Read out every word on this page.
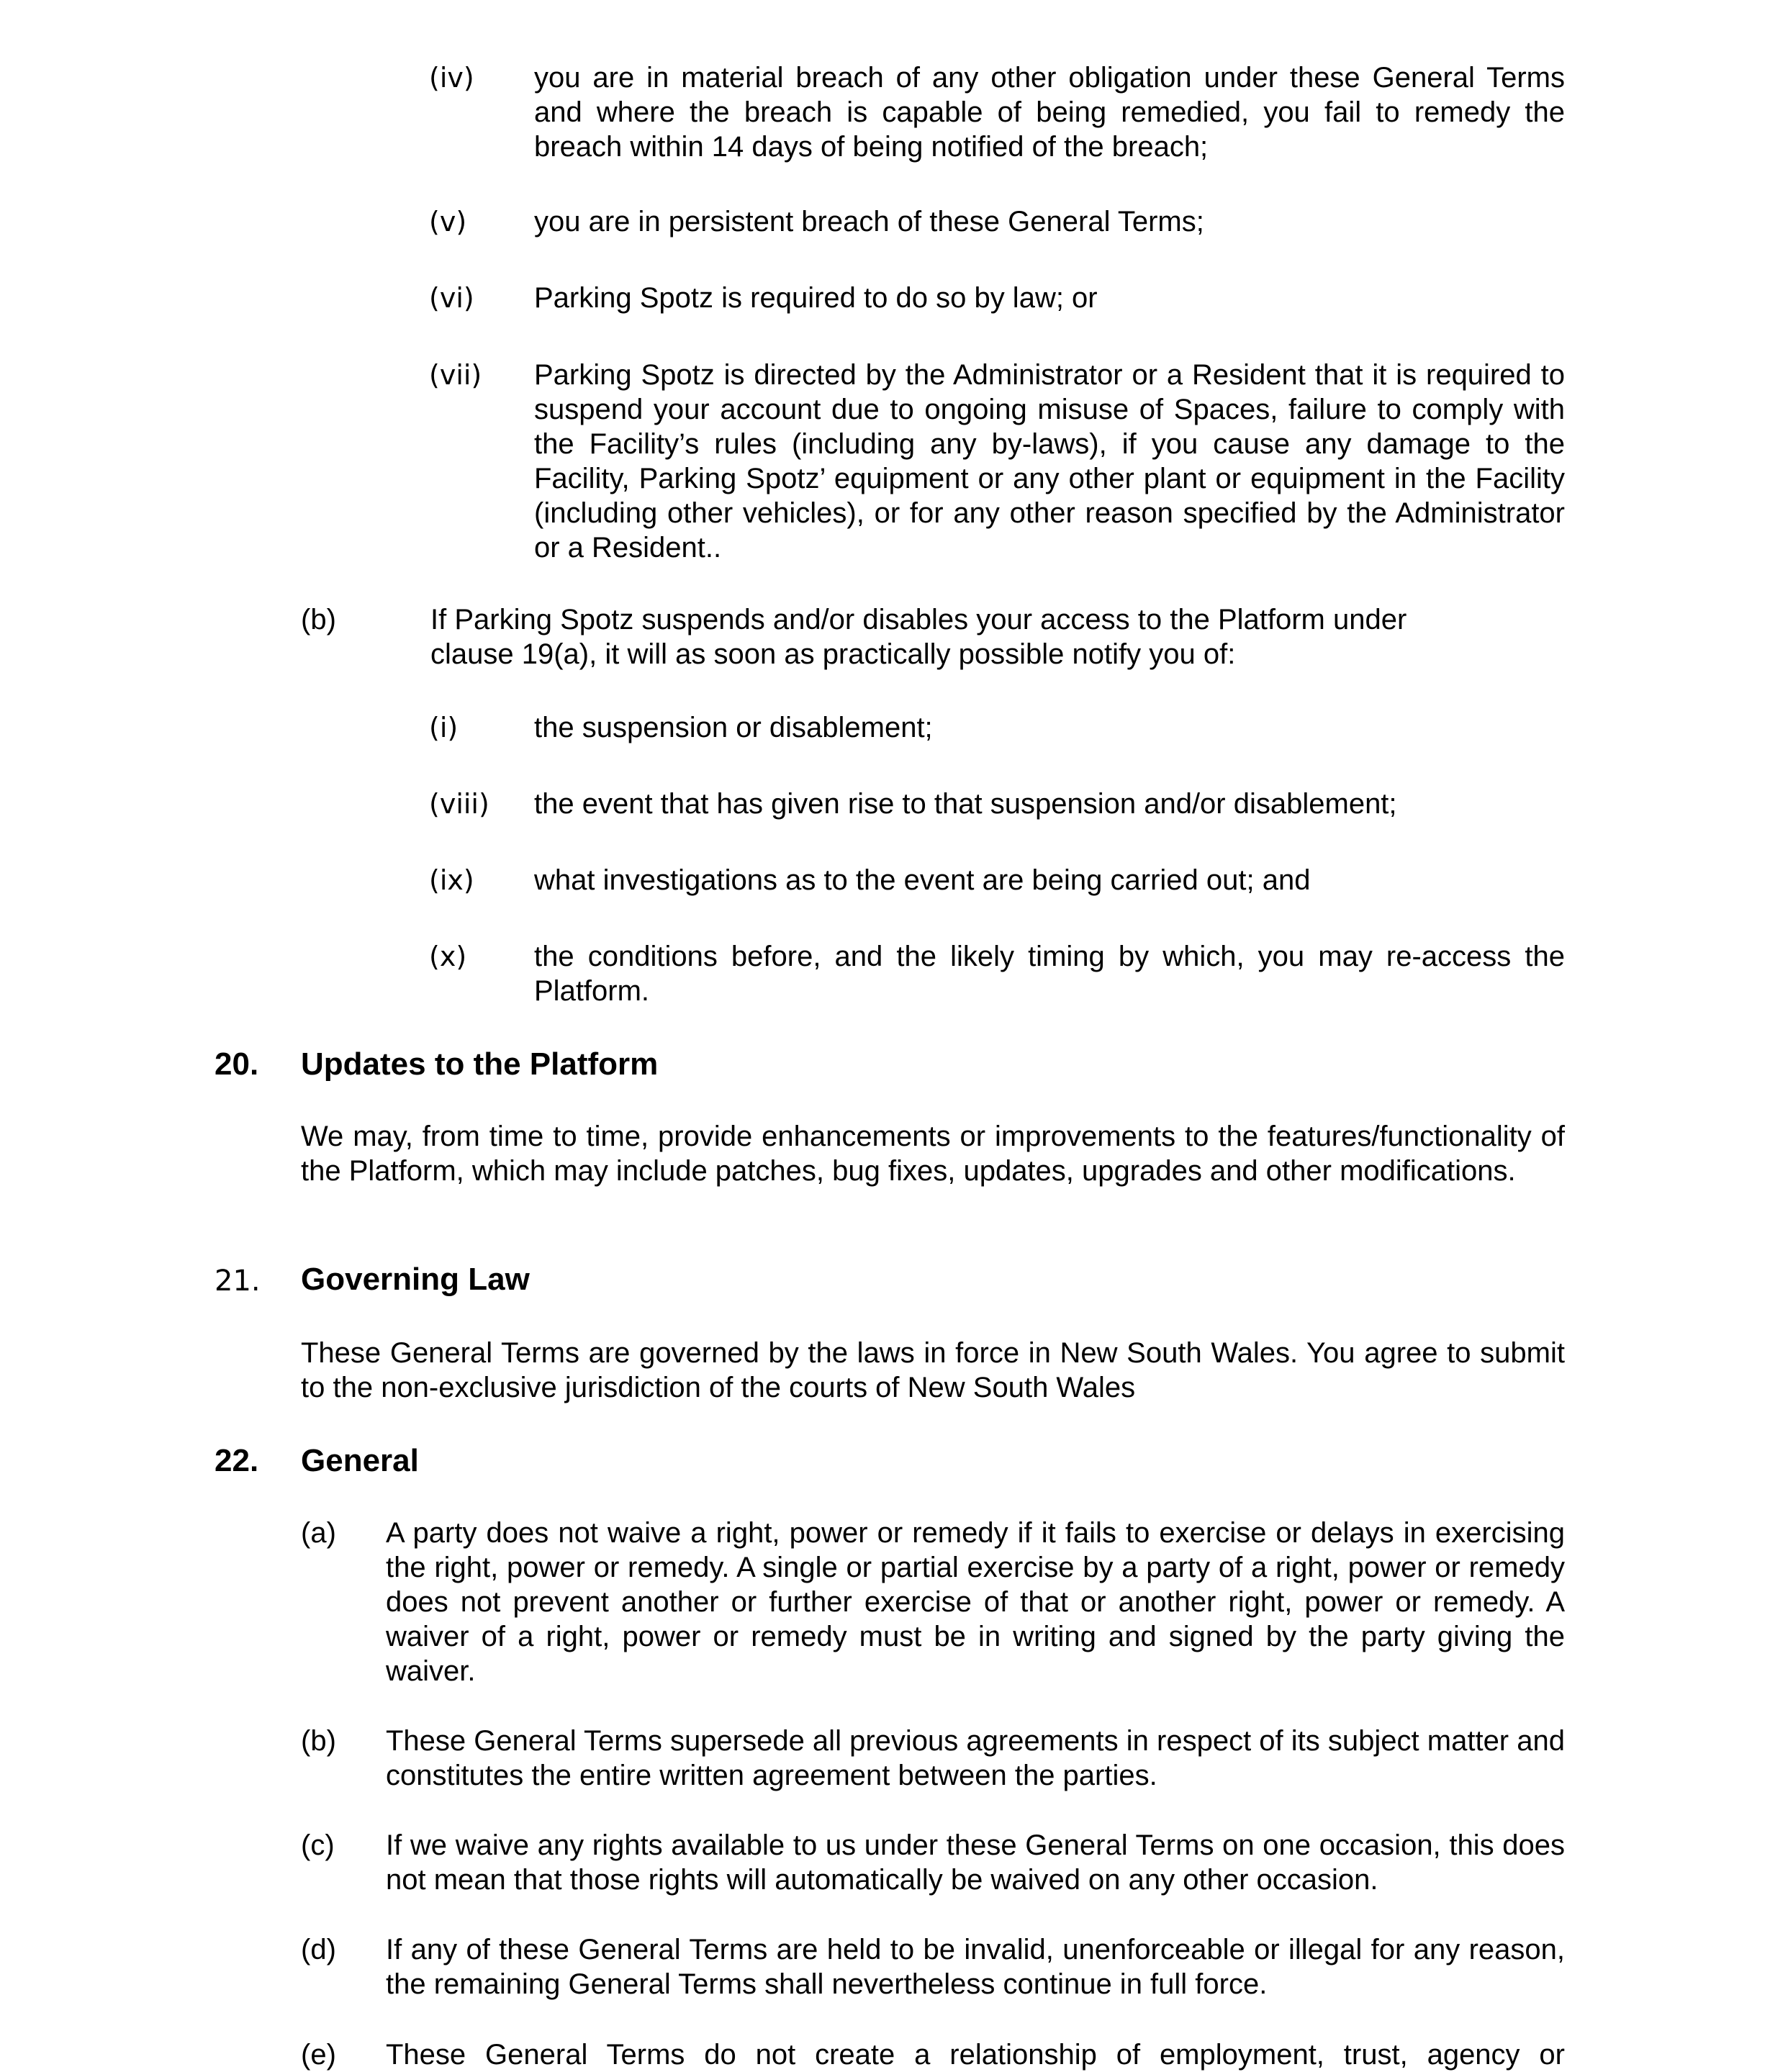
(iv) you are in material breach of any other obligation under these General Terms and where the breach is capable of being remedied, you fail to remedy the breach within 14 days of being notified of the breach;
(v) you are in persistent breach of these General Terms;
(vi) Parking Spotz is required to do so by law; or
(vii) Parking Spotz is directed by the Administrator or a Resident that it is required to suspend your account due to ongoing misuse of Spaces, failure to comply with the Facility’s rules (including any by-laws), if you cause any damage to the Facility, Parking Spotz’ equipment or any other plant or equipment in the Facility (including other vehicles), or for any other reason specified by the Administrator or a Resident..
(b)	If Parking Spotz suspends and/or disables your access to the Platform under
clause 19(a), it will as soon as practically possible notify you of:
(i)	the suspension or disablement;
(viii) the event that has given rise to that suspension and/or disablement;
(ix) what investigations as to the event are being carried out; and
(x) the conditions before, and the likely timing by which, you may re-access the Platform.
20. Updates to the Platform
We may, from time to time, provide enhancements or improvements to the features/functionality of the Platform, which may include patches, bug fixes, updates, upgrades and other modifications.
21. Governing Law
These General Terms are governed by the laws in force in New South Wales. You agree to submit to the non-exclusive jurisdiction of the courts of New South Wales
22. General
(a) A party does not waive a right, power or remedy if it fails to exercise or delays in exercising the right, power or remedy. A single or partial exercise by a party of a right, power or remedy does not prevent another or further exercise of that or another right, power or remedy. A waiver of a right, power or remedy must be in writing and signed by the party giving the waiver.
(b) These General Terms supersede all previous agreements in respect of its subject matter and constitutes the entire written agreement between the parties.
(c) If we waive any rights available to us under these General Terms on one occasion, this does not mean that those rights will automatically be waived on any other occasion.
(d) If any of these General Terms are held to be invalid, unenforceable or illegal for any reason, the remaining General Terms shall nevertheless continue in full force.
(e) These General Terms do not create a relationship of employment, trust, agency or
